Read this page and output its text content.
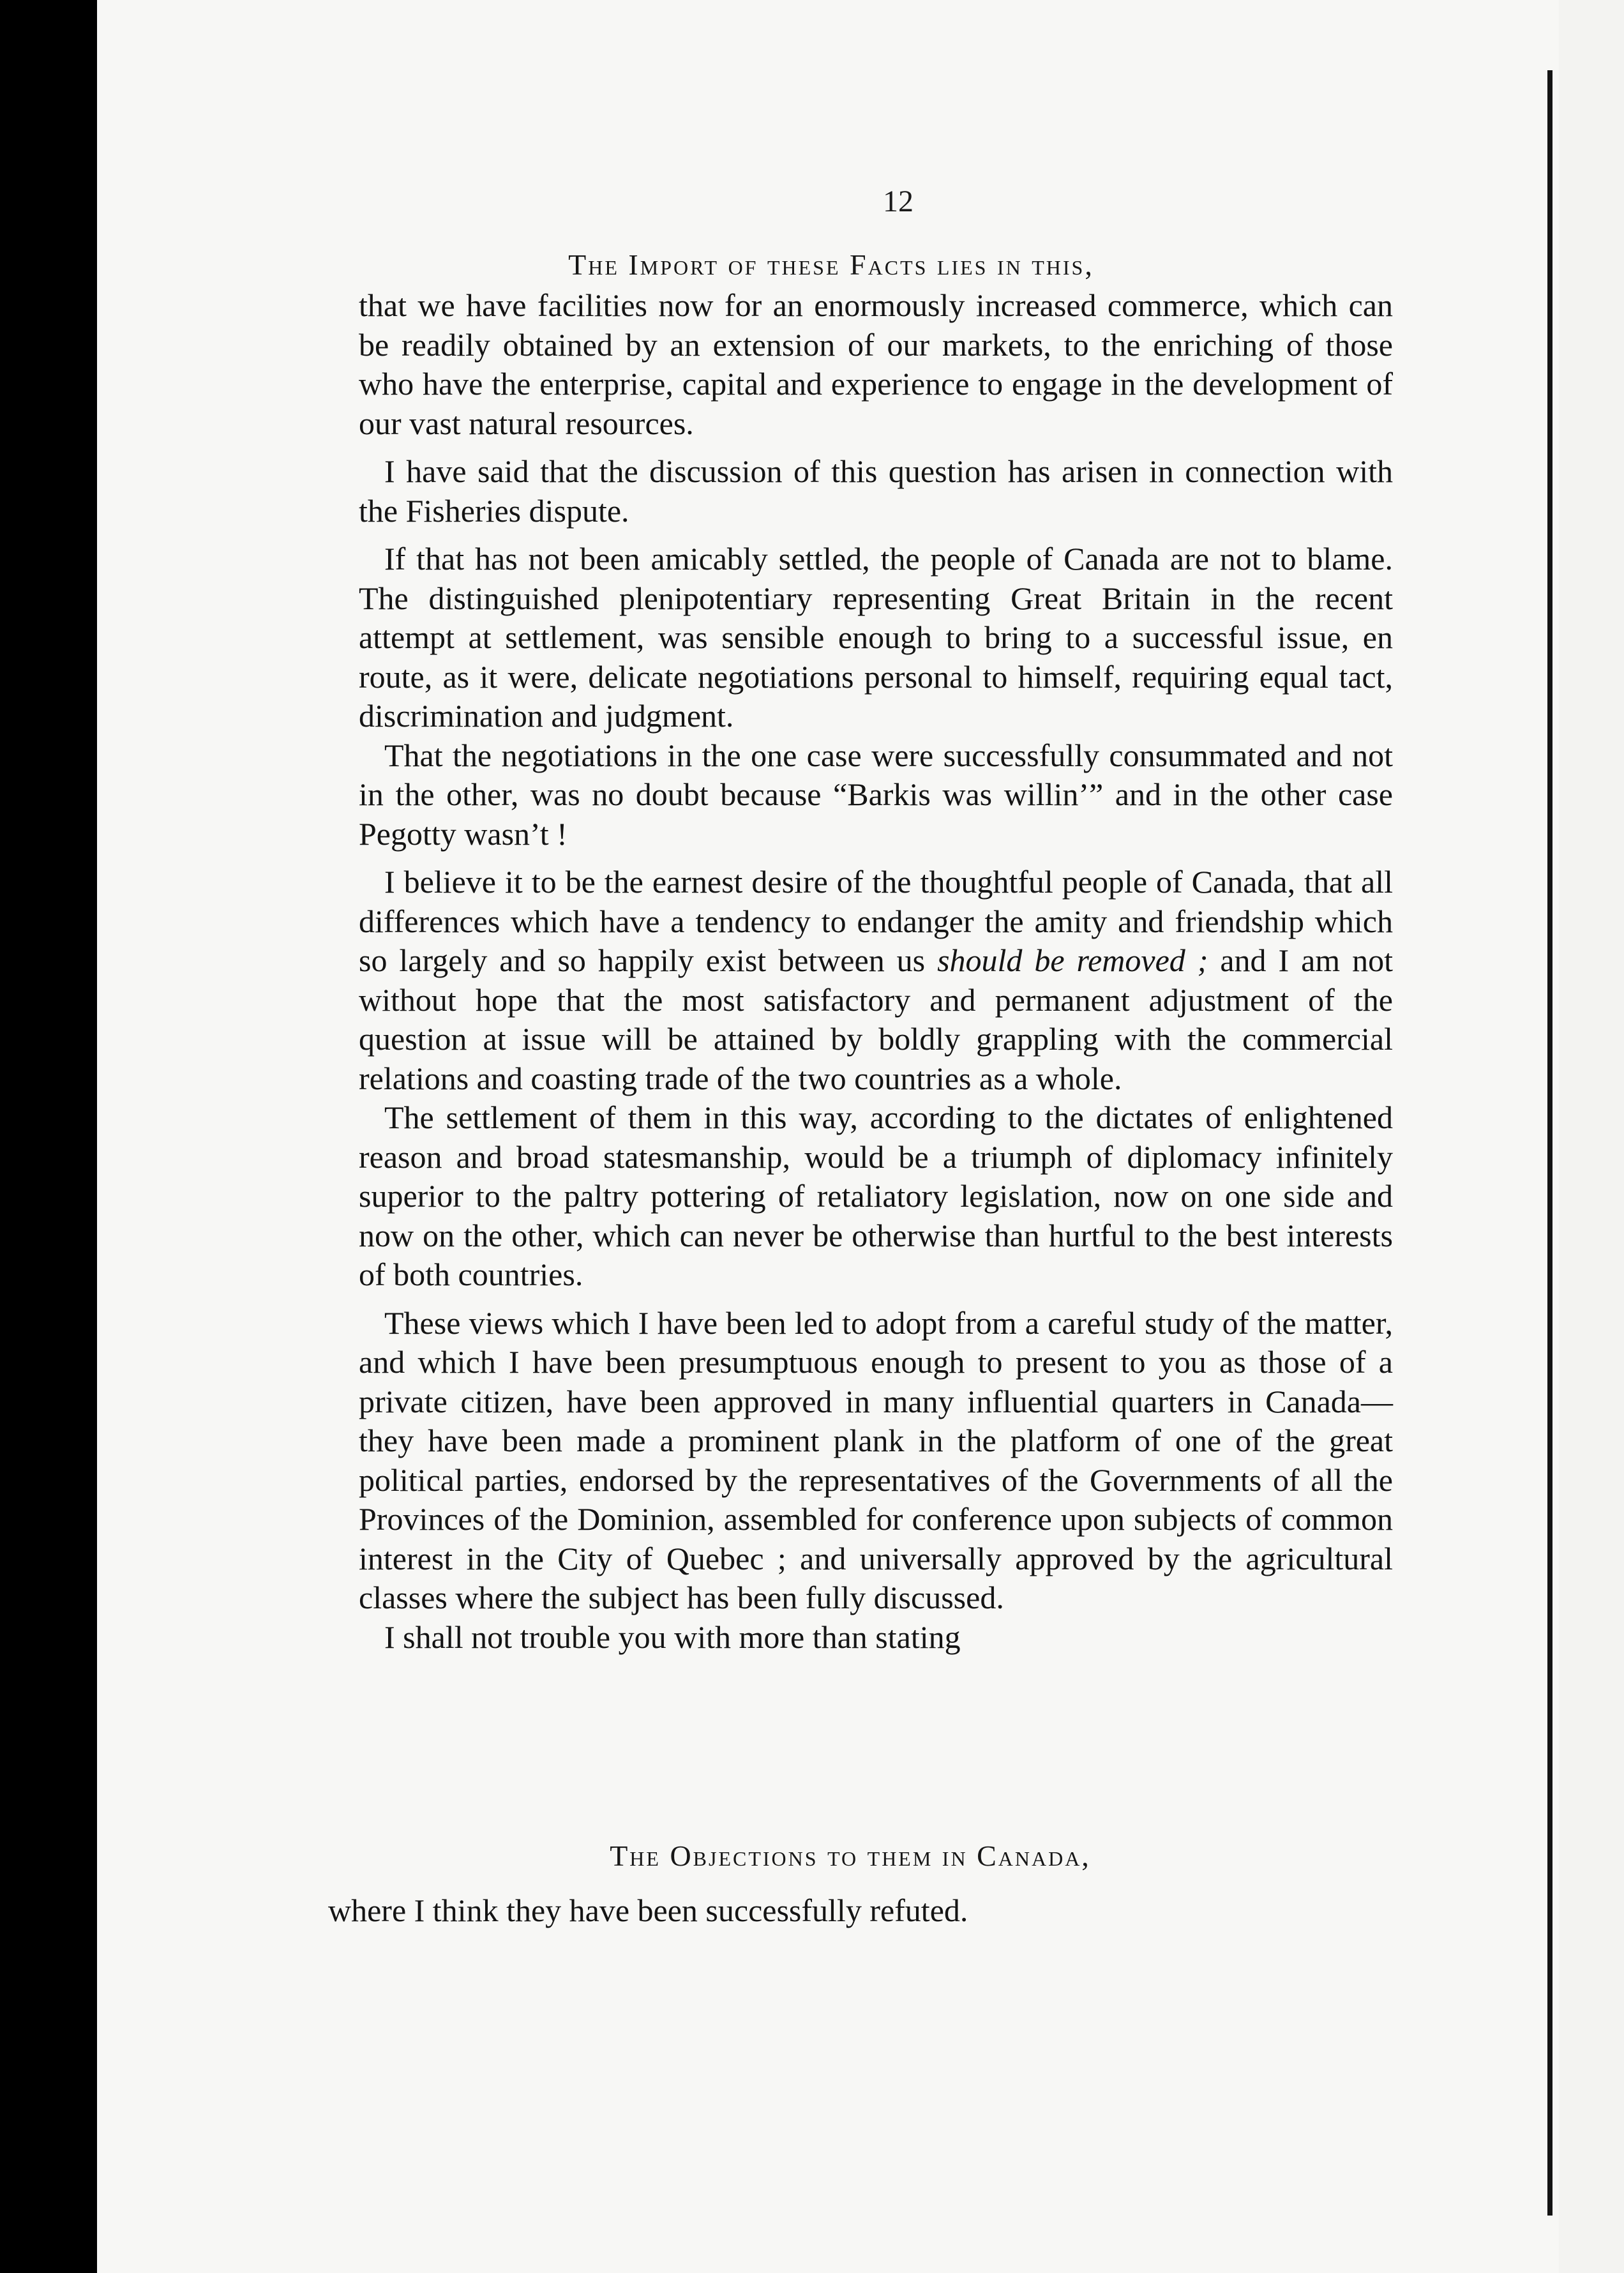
12
The Import of these Facts lies in this,

that we have facilities now for an enormously increased commerce, which can be readily obtained by an extension of our markets, to the enriching of those who have the enterprise, capital and experience to engage in the development of our vast natural resources.

I have said that the discussion of this question has arisen in connection with the Fisheries dispute.

If that has not been amicably settled, the people of Canada are not to blame. The distinguished plenipotentiary representing Great Britain in the recent attempt at settlement, was sensible enough to bring to a successful issue, en route, as it were, delicate negotiations personal to himself, requiring equal tact, discrimination and judgment.

That the negotiations in the one case were successfully consummated and not in the other, was no doubt because “Barkis was willin’” and in the other case Pegotty wasn’t !

I believe it to be the earnest desire of the thoughtful people of Canada, that all differences which have a tendency to endanger the amity and friendship which so largely and so happily exist between us should be removed ; and I am not without hope that the most satisfactory and permanent adjustment of the question at issue will be attained by boldly grappling with the commercial relations and coasting trade of the two countries as a whole.

The settlement of them in this way, according to the dictates of enlightened reason and broad statesmanship, would be a triumph of diplomacy infinitely superior to the paltry pottering of retaliatory legislation, now on one side and now on the other, which can never be otherwise than hurtful to the best interests of both countries.

These views which I have been led to adopt from a careful study of the matter, and which I have been presumptuous enough to present to you as those of a private citizen, have been approved in many influential quarters in Canada—they have been made a prominent plank in the platform of one of the great political parties, endorsed by the representatives of the Governments of all the Provinces of the Dominion, assembled for conference upon subjects of common interest in the City of Quebec ; and universally approved by the agricultural classes where the subject has been fully discussed.

I shall not trouble you with more than stating

The Objections to them in Canada,

where I think they have been successfully refuted.
